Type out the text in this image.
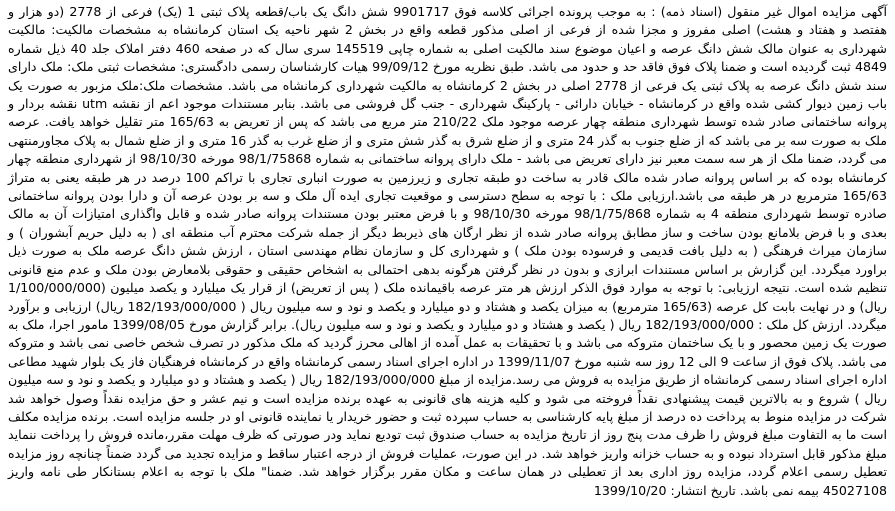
آگهی مزایده اموال غیر منقول (اسناد ذمه) : به موجب پرونده اجرائی کلاسه فوق 9901717 شش دانگ یک باب/قطعه پلاک ثبتی 1 (یک) فرعی از 2778 (دو هزار و هفتصد و هفتاد و هشت) اصلی مفروز و مجزا شده از فرعی از اصلی مذکور قطعه واقع در بخش 2 شهر ناحیه یک استان کرمانشاه به مشخصات مالکیت: مالکیت شهرداری به عنوان مالک شش دانگ عرصه و اعیان موضوع سند مالکیت اصلی به شماره چاپی 145519 سری سال که در صفحه 460 دفتر املاک جلد 40 ذیل شماره 4849 ثبت گردیده است و ضمنا پلاک فوق فاقد حد و حدود می باشد. طبق نظریه مورخ 99/09/12 هیات کارشناسان رسمی دادگستری: مشخصات ثبتی ملک: ملک دارای سند شش دانگ عرصه به پلاک ثبتی یک فرعی از 2778 اصلی در بخش 2 کرمانشاه به مالکیت شهرداری کرمانشاه می باشد. مشخصات ملک:ملک مزبور به صورت یک باب زمین دیوار کشی شده واقع در کرمانشاه - خیابان دارائی - پارکینگ شهرداری - جنب گل فروشی می باشد. بنابر مستندات موجود اعم از نقشه utm نقشه بردار و پروانه ساختمانی صادر شده توسط شهرداری منطقه چهار عرصه موجود ملک 210/22 متر مربع می باشد که پس از تعریض به 165/63 متر تقلیل خواهد یافت. عرصه ملک به صورت سه بر می باشد که از ضلع جنوب به گذر 24 متری و از ضلع شرق به گذر شش متری و از ضلع غرب به گذر 16 متری و از ضلع شمال به پلاک مجاورمنتهی می گردد، ضمنا ملک از هر سه سمت معبر نیز دارای تعریض می باشد - ملک دارای پروانه ساختمانی به شماره 98/1/75868 مورخه 98/10/30 از شهرداری منطقه چهار کرمانشاه بوده که بر اساس پروانه صادر شده مالک قادر به ساخت دو طبقه تجاری و زیرزمین به صورت انباری تجاری با تراکم 100 درصد در هر طبقه یعنی به متراژ 165/63 مترمربع در هر طبقه می باشد.ارزیابی ملک : با توجه به سطح دسترسی و موقعیت تجاری ایده آل ملک و سه بر بودن عرصه آن و دارا بودن پروانه ساختمانی صادره توسط شهرداری منطقه 4 به شماره 98/1/75/868 مورخه 98/10/30 و با فرض معتبر بودن مستندات پروانه صادر شده و قابل واگذاری امتیازات آن به مالک بعدی و با فرض بلامانع بودن ساخت و ساز مطابق پروانه صادر شده از نظر ارگان های ذیربط دیگر از جمله شرکت محترم آب منطقه ای ( به دلیل حریم آبشوران ) و سازمان میراث فرهنگی ( به دلیل بافت قدیمی و فرسوده بودن ملک ) و شهرداری کل و سازمان نظام مهندسی استان ، ارزش شش دانگ عرصه ملک به صورت ذیل براورد میگردد. این گزارش بر اساس مستندات ابرازی و بدون در نظر گرفتن هرگونه بدهی احتمالی به اشخاص حقیقی و حقوقی بلامعارض بودن ملک و عدم منع قانونی تنظیم شده است. نتیجه ارزیابی: با توجه به موارد فوق الذکر ارزش هر متر عرصه باقیمانده ملک ( پس از تعریض) از قرار یک میلیارد و یکصد میلیون (1/100/000/000 ریال) و در نهایت بابت کل عرصه (165/63 مترمربع) به میزان یکصد و هشتاد و دو میلیارد و یکصد و نود و سه میلیون ریال ( 182/193/000/000 ریال) ارزیابی و برآورد میگردد. ارزش کل ملک : 182/193/000/000 ریال ( یکصد و هشتاد و دو میلیارد و یکصد و نود و سه میلیون ریال). برابر گزارش مورخ 1399/08/05 مامور اجرا، ملک به صورت یک زمین محصور و با یک ساختمان متروکه می باشد و با تحقیقات به عمل آمده از اهالی محرز گردید که ملک مذکور در تصرف شخص خاصی نمی باشد و متروکه می باشد. پلاک فوق از ساعت 9 الی 12 روز سه شنبه مورخ 1399/11/07 در اداره اجرای اسناد رسمی کرمانشاه واقع در کرمانشاه فرهنگیان فاز یک بلوار شهید مطاعی اداره اجرای اسناد رسمی کرمانشاه از طریق مزایده به فروش می رسد.مزایده از مبلغ 182/193/000/000 ریال ( یکصد و هشتاد و دو میلیارد و یکصد و نود و سه میلیون ریال ) شروع و به بالاترین قیمت پیشنهادی نقداً فروخته می شود و کلیه هزینه های قانونی به عهده برنده مزایده است و نیم عشر و حق مزایده نقداً وصول خواهد شد شرکت در مزایده منوط به پرداخت ده درصد از مبلغ پایه کارشناسی به حساب سپرده ثبت و حضور خریدار یا نماینده قانونی او در جلسه مزایده است. برنده مزایده مکلف است ما به التفاوت مبلغ فروش را ظرف مدت پنج روز از تاریخ مزایده به حساب صندوق ثبت تودیع نماید ودر صورتی که ظرف مهلت مقرر،مانده فروش را پرداخت ننماید مبلغ مذکور قابل استرداد نبوده و به حساب خزانه واریز خواهد شد. در این صورت، عملیات فروش از درجه اعتبار ساقط و مزایده تجدید می گردد ضمناً چنانچه روز مزایده تعطیل رسمی اعلام گردد، مزایده روز اداری بعد از تعطیلی در همان ساعت و مکان مقرر برگزار خواهد شد. ضمنا" ملک با توجه به اعلام بستانکار طی نامه واریز 45027108 بیمه نمی باشد. تاریخ انتشار: 1399/10/20
